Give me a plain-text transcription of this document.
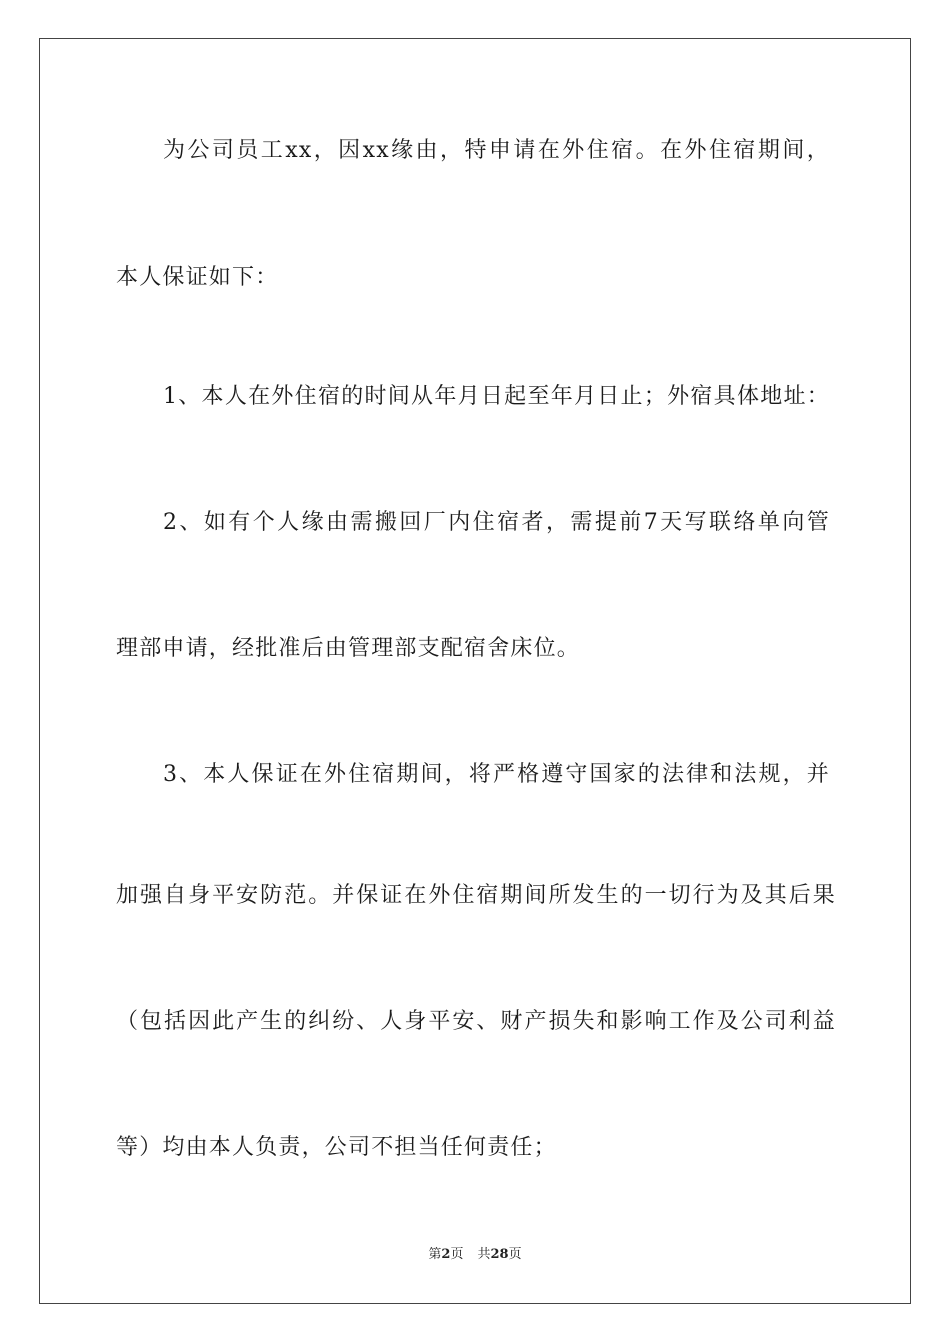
为公司员工xx，因xx缘由，特申请在外住宿。在外住宿期间，
本人保证如下：
1、本人在外住宿的时间从年月日起至年月日止；外宿具体地址：
2、如有个人缘由需搬回厂内住宿者，需提前7天写联络单向管
理部申请，经批准后由管理部支配宿舍床位。
3、本人保证在外住宿期间，将严格遵守国家的法律和法规，并
加强自身平安防范。并保证在外住宿期间所发生的一切行为及其后果
（包括因此产生的纠纷、人身平安、财产损失和影响工作及公司利益
等）均由本人负责，公司不担当任何责任；
第2页 共28页
